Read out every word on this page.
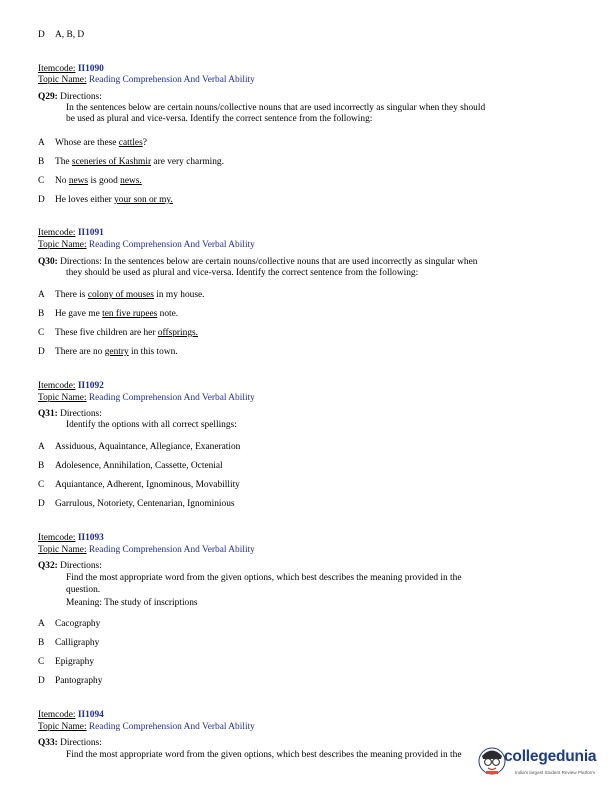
D A, B, D

Itemcode: II1090

Topic Name: Reading Comprehension And Verbal Ability

Q29: Directions:

In the sentences below are certain nouns/collective nouns that are used incorrectly as singular when they should

be used as plural and vice-versa. Identify the correct sentence from the following:

A Whose are these cattles?

B The sceneries of Kashmir are very charming.

C No news is good news.

D He loves either your son or my.

Itemcode: II1091

Topic Name: Reading Comprehension And Verbal Ability

Q30: Directions: In the sentences below are certain nouns/collective nouns that are used incorrectly as singular when

they should be used as plural and vice-versa. Identify the correct sentence from the following:

A There is colony of mouses in my house.

B He gave me ten five rupees note.

C These five children are her offsprings.

D There are no gentry in this town.

Itemcode: II1092

Topic Name: Reading Comprehension And Verbal Ability

Q31: Directions:

Identify the options with all correct spellings:

A Assiduous, Aquaintance, Allegiance, Exaneration

B Adolesence, Annihilation, Cassette, Octenial

C Aquiantance, Adherent, Ignominous, Movabillity

D Garrulous, Notoriety, Centenarian, Ignominious

Itemcode: II1093

Topic Name: Reading Comprehension And Verbal Ability

Q32: Directions:

Find the most appropriate word from the given options, which best describes the meaning provided in the

question.

Meaning: The study of inscriptions

A Cacography

B Calligraphy

C Epigraphy

D Pantography

Itemcode: II1094

Topic Name: Reading Comprehension And Verbal Ability

Q33: Directions:

Find the most appropriate word from the given options, which best describes the meaning provided in the	collegedunia
India's largest Student Review Platform
